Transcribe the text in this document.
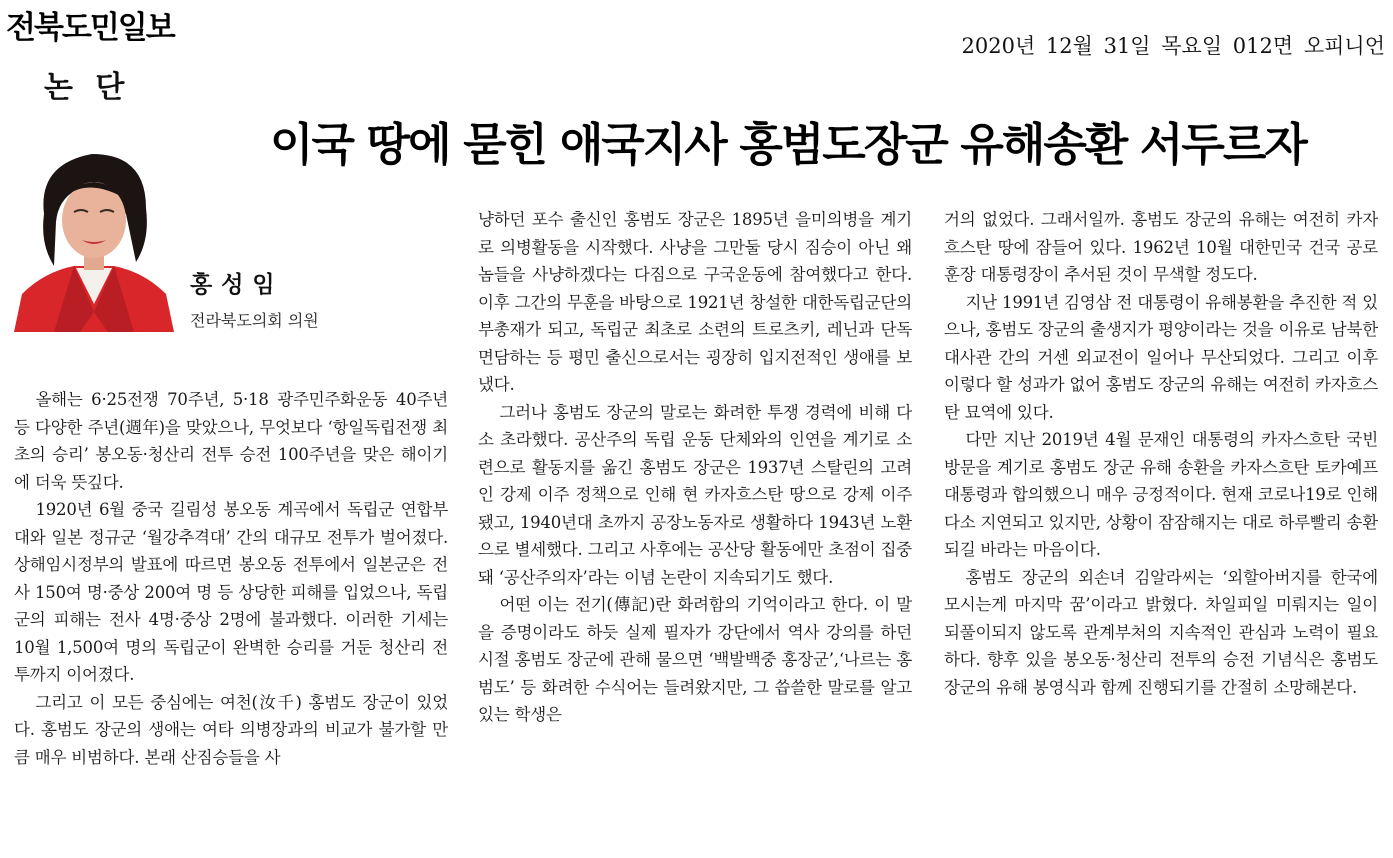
전북도민일보	2020년 12월 31일 목요일 012면 오피니언
논 단
이국 땅에 묻힌 애국지사 홍범도장군 유해송환 서두르자
홍성임
전라북도의회 의원

올해는 6·25전쟁 70주년, 5·18 광주민주화운동 40주년 등 다양한 주년(週年)을 맞았으나, 무엇보다 ‘항일독립전쟁 최초의 승리’ 봉오동·청산리 전투 승전 100주년을 맞은 해이기에 더욱 뜻깊다.

1920년 6월 중국 길림성 봉오동 계곡에서 독립군 연합부대와 일본 정규군 ‘월강추격대’ 간의 대규모 전투가 벌어졌다. 상해임시정부의 발표에 따르면 봉오동 전투에서 일본군은 전사 150여 명·중상 200여 명 등 상당한 피해를 입었으나, 독립군의 피해는 전사 4명·중상 2명에 불과했다. 이러한 기세는 10월 1,500여 명의 독립군이 완벽한 승리를 거둔 청산리 전투까지 이어졌다.

그리고 이 모든 중심에는 여천(汝千) 홍범도 장군이 있었다. 홍범도 장군의 생애는 여타 의병장과의 비교가 불가할 만큼 매우 비범하다. 본래 산짐승들을 사

냥하던 포수 출신인 홍범도 장군은 1895년 을미의병을 계기로 의병활동을 시작했다. 사냥을 그만둘 당시 짐승이 아닌 왜놈들을 사냥하겠다는 다짐으로 구국운동에 참여했다고 한다. 이후 그간의 무훈을 바탕으로 1921년 창설한 대한독립군단의 부총재가 되고, 독립군 최초로 소련의 트로츠키, 레닌과 단독 면담하는 등 평민 출신으로서는 굉장히 입지전적인 생애를 보냈다.

그러나 홍범도 장군의 말로는 화려한 투쟁 경력에 비해 다소 초라했다. 공산주의 독립 운동 단체와의 인연을 계기로 소련으로 활동지를 옮긴 홍범도 장군은 1937년 스탈린의 고려인 강제 이주 정책으로 인해 현 카자흐스탄 땅으로 강제 이주됐고, 1940년대 초까지 공장노동자로 생활하다 1943년 노환으로 별세했다. 그리고 사후에는 공산당 활동에만 초점이 집중돼 ‘공산주의자’라는 이념 논란이 지속되기도 했다.

어떤 이는 전기(傳記)란 화려함의 기억이라고 한다. 이 말을 증명이라도 하듯 실제 필자가 강단에서 역사 강의를 하던 시절 홍범도 장군에 관해 물으면 ‘백발백중 홍장군’,‘나르는 홍범도’ 등 화려한 수식어는 들려왔지만, 그 씁쓸한 말로를 알고 있는 학생은

거의 없었다. 그래서일까. 홍범도 장군의 유해는 여전히 카자흐스탄 땅에 잠들어 있다. 1962년 10월 대한민국 건국 공로 훈장 대통령장이 추서된 것이 무색할 정도다.

지난 1991년 김영삼 전 대통령이 유해봉환을 추진한 적 있으나, 홍범도 장군의 출생지가 평양이라는 것을 이유로 남북한대사관 간의 거센 외교전이 일어나 무산되었다. 그리고 이후 이렇다 할 성과가 없어 홍범도 장군의 유해는 여전히 카자흐스탄 묘역에 있다.

다만 지난 2019년 4월 문재인 대통령의 카자스흐탄 국빈방문을 계기로 홍범도 장군 유해 송환을 카자스흐탄 토카예프 대통령과 합의했으니 매우 긍정적이다. 현재 코로나19로 인해 다소 지연되고 있지만, 상황이 잠잠해지는 대로 하루빨리 송환되길 바라는 마음이다.

홍범도 장군의 외손녀 김알라씨는 ‘외할아버지를 한국에 모시는게 마지막 꿈’이라고 밝혔다. 차일피일 미뤄지는 일이 되풀이되지 않도록 관계부처의 지속적인 관심과 노력이 필요하다. 향후 있을 봉오동·청산리 전투의 승전 기념식은 홍범도 장군의 유해 봉영식과 함께 진행되기를 간절히 소망해본다.
